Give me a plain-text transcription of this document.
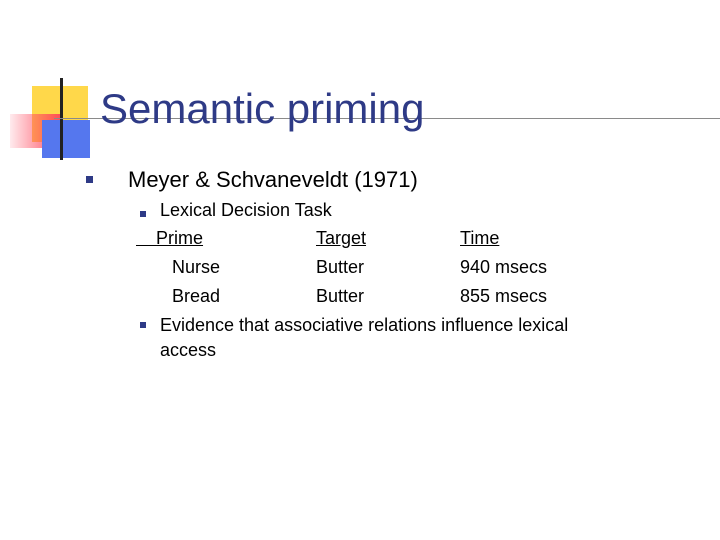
Semantic priming
Meyer & Schvaneveldt (1971)
Lexical Decision Task
Prime	Target	Time
Nurse	Butter	940 msecs
Bread	Butter	855 msecs
Evidence that associative relations influence lexical
access
